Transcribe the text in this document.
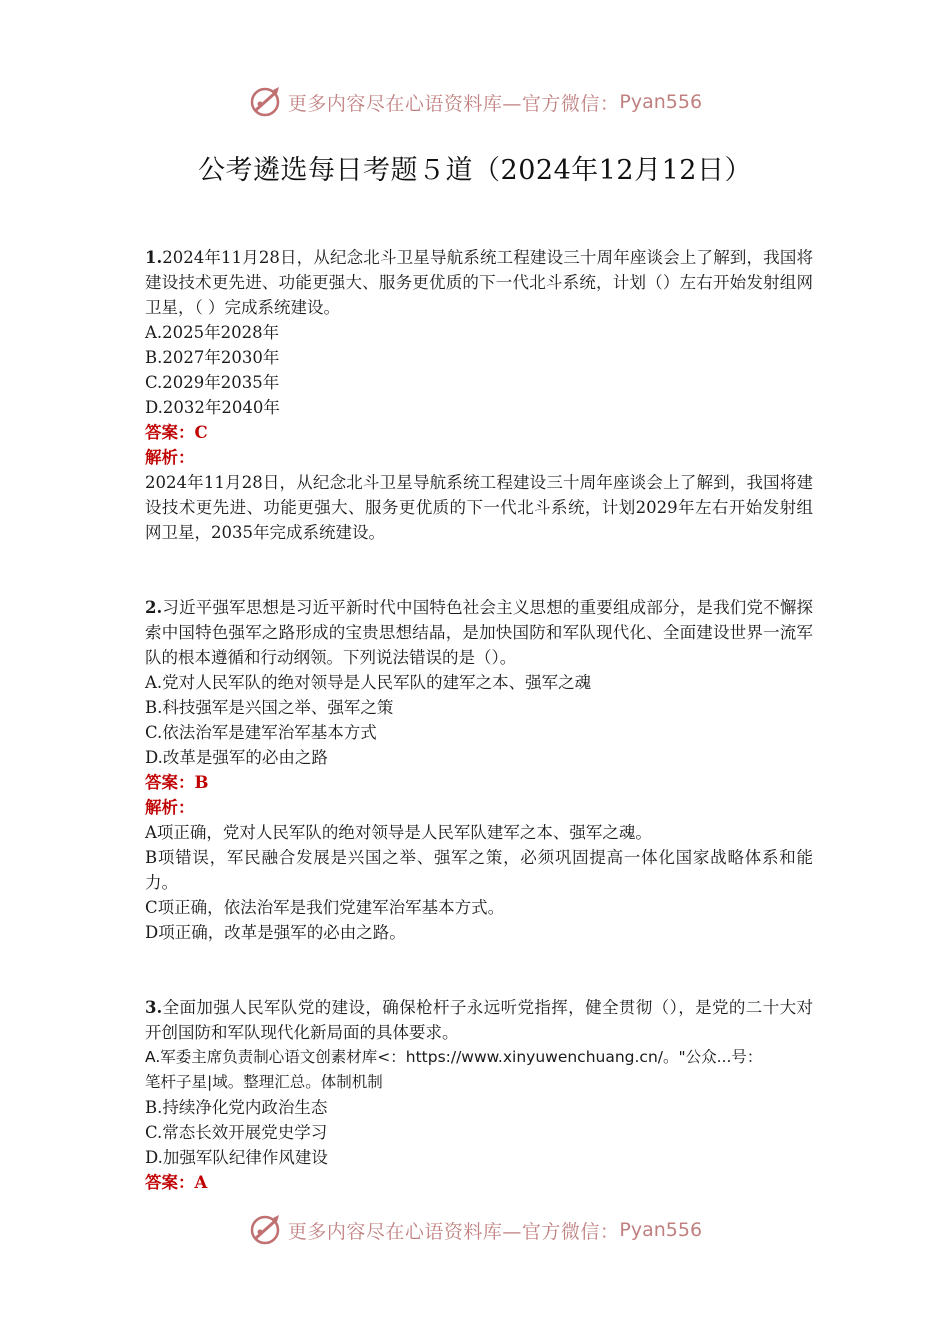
更多内容尽在心语资料库—官方微信： Pyan556
公考遴选每日考题５道（2024年12月12日）

1.2024年11月28日，从纪念北斗卫星导航系统工程建设三十周年座谈会上了解到，我国将建设技术更先进、功能更强大、服务更优质的下一代北斗系统，计划（）左右开始发射组网卫星，（ ）完成系统建设。

A.2025年2028年

B.2027年2030年

C.2029年2035年

D.2032年2040年

答案：C

解析：

2024年11月28日，从纪念北斗卫星导航系统工程建设三十周年座谈会上了解到，我国将建设技术更先进、功能更强大、服务更优质的下一代北斗系统，计划2029年左右开始发射组网卫星，2035年完成系统建设。

2.习近平强军思想是习近平新时代中国特色社会主义思想的重要组成部分，是我们党不懈探索中国特色强军之路形成的宝贵思想结晶，是加快国防和军队现代化、全面建设世界一流军队的根本遵循和行动纲领。下列说法错误的是（）。

A.党对人民军队的绝对领导是人民军队的建军之本、强军之魂

B.科技强军是兴国之举、强军之策

C.依法治军是建军治军基本方式

D.改革是强军的必由之路

答案：B

解析：

A项正确，党对人民军队的绝对领导是人民军队建军之本、强军之魂。

B项错误，军民融合发展是兴国之举、强军之策，必须巩固提高一体化国家战略体系和能力。

C项正确，依法治军是我们党建军治军基本方式。

D项正确，改革是强军的必由之路。

3.全面加强人民军队党的建设，确保枪杆子永远听党指挥，健全贯彻（），是党的二十大对开创国防和军队现代化新局面的具体要求。

A.军委主席负责制心语文创素材库<：https://www.xinyuwenchuang.cn/。"公众...号：

笔杆子星|域。整理汇总。体制机制

B.持续净化党内政治生态

C.常态长效开展党史学习

D.加强军队纪律作风建设

答案：A

更多内容尽在心语资料库—官方微信： Pyan556
